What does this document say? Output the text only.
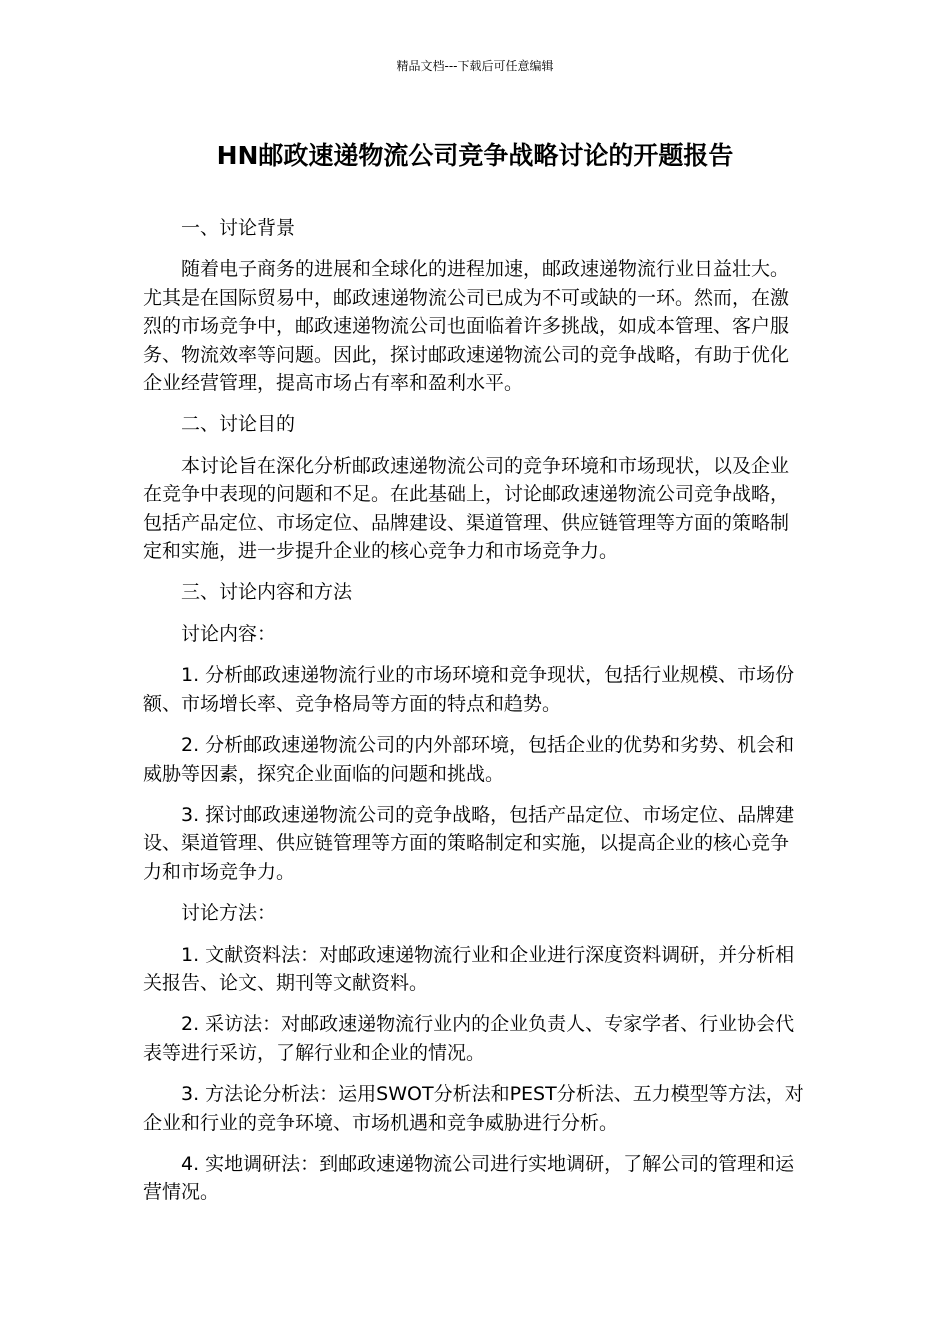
精品文档---下载后可任意编辑
HN邮政速递物流公司竞争战略讨论的开题报告
一、讨论背景

随着电子商务的进展和全球化的进程加速，邮政速递物流行业日益壮大。尤其是在国际贸易中，邮政速递物流公司已成为不可或缺的一环。然而，在激烈的市场竞争中，邮政速递物流公司也面临着许多挑战，如成本管理、客户服务、物流效率等问题。因此，探讨邮政速递物流公司的竞争战略，有助于优化企业经营管理，提高市场占有率和盈利水平。

二、讨论目的

本讨论旨在深化分析邮政速递物流公司的竞争环境和市场现状，以及企业在竞争中表现的问题和不足。在此基础上，讨论邮政速递物流公司竞争战略，包括产品定位、市场定位、品牌建设、渠道管理、供应链管理等方面的策略制定和实施，进一步提升企业的核心竞争力和市场竞争力。

三、讨论内容和方法

讨论内容：

1. 分析邮政速递物流行业的市场环境和竞争现状，包括行业规模、市场份额、市场增长率、竞争格局等方面的特点和趋势。

2. 分析邮政速递物流公司的内外部环境，包括企业的优势和劣势、机会和威胁等因素，探究企业面临的问题和挑战。

3. 探讨邮政速递物流公司的竞争战略，包括产品定位、市场定位、品牌建设、渠道管理、供应链管理等方面的策略制定和实施，以提高企业的核心竞争力和市场竞争力。

讨论方法：

1. 文献资料法：对邮政速递物流行业和企业进行深度资料调研，并分析相关报告、论文、期刊等文献资料。

2. 采访法：对邮政速递物流行业内的企业负责人、专家学者、行业协会代表等进行采访，了解行业和企业的情况。

3. 方法论分析法：运用SWOT分析法和PEST分析法、五力模型等方法，对企业和行业的竞争环境、市场机遇和竞争威胁进行分析。

4. 实地调研法：到邮政速递物流公司进行实地调研，了解公司的管理和运营情况。
